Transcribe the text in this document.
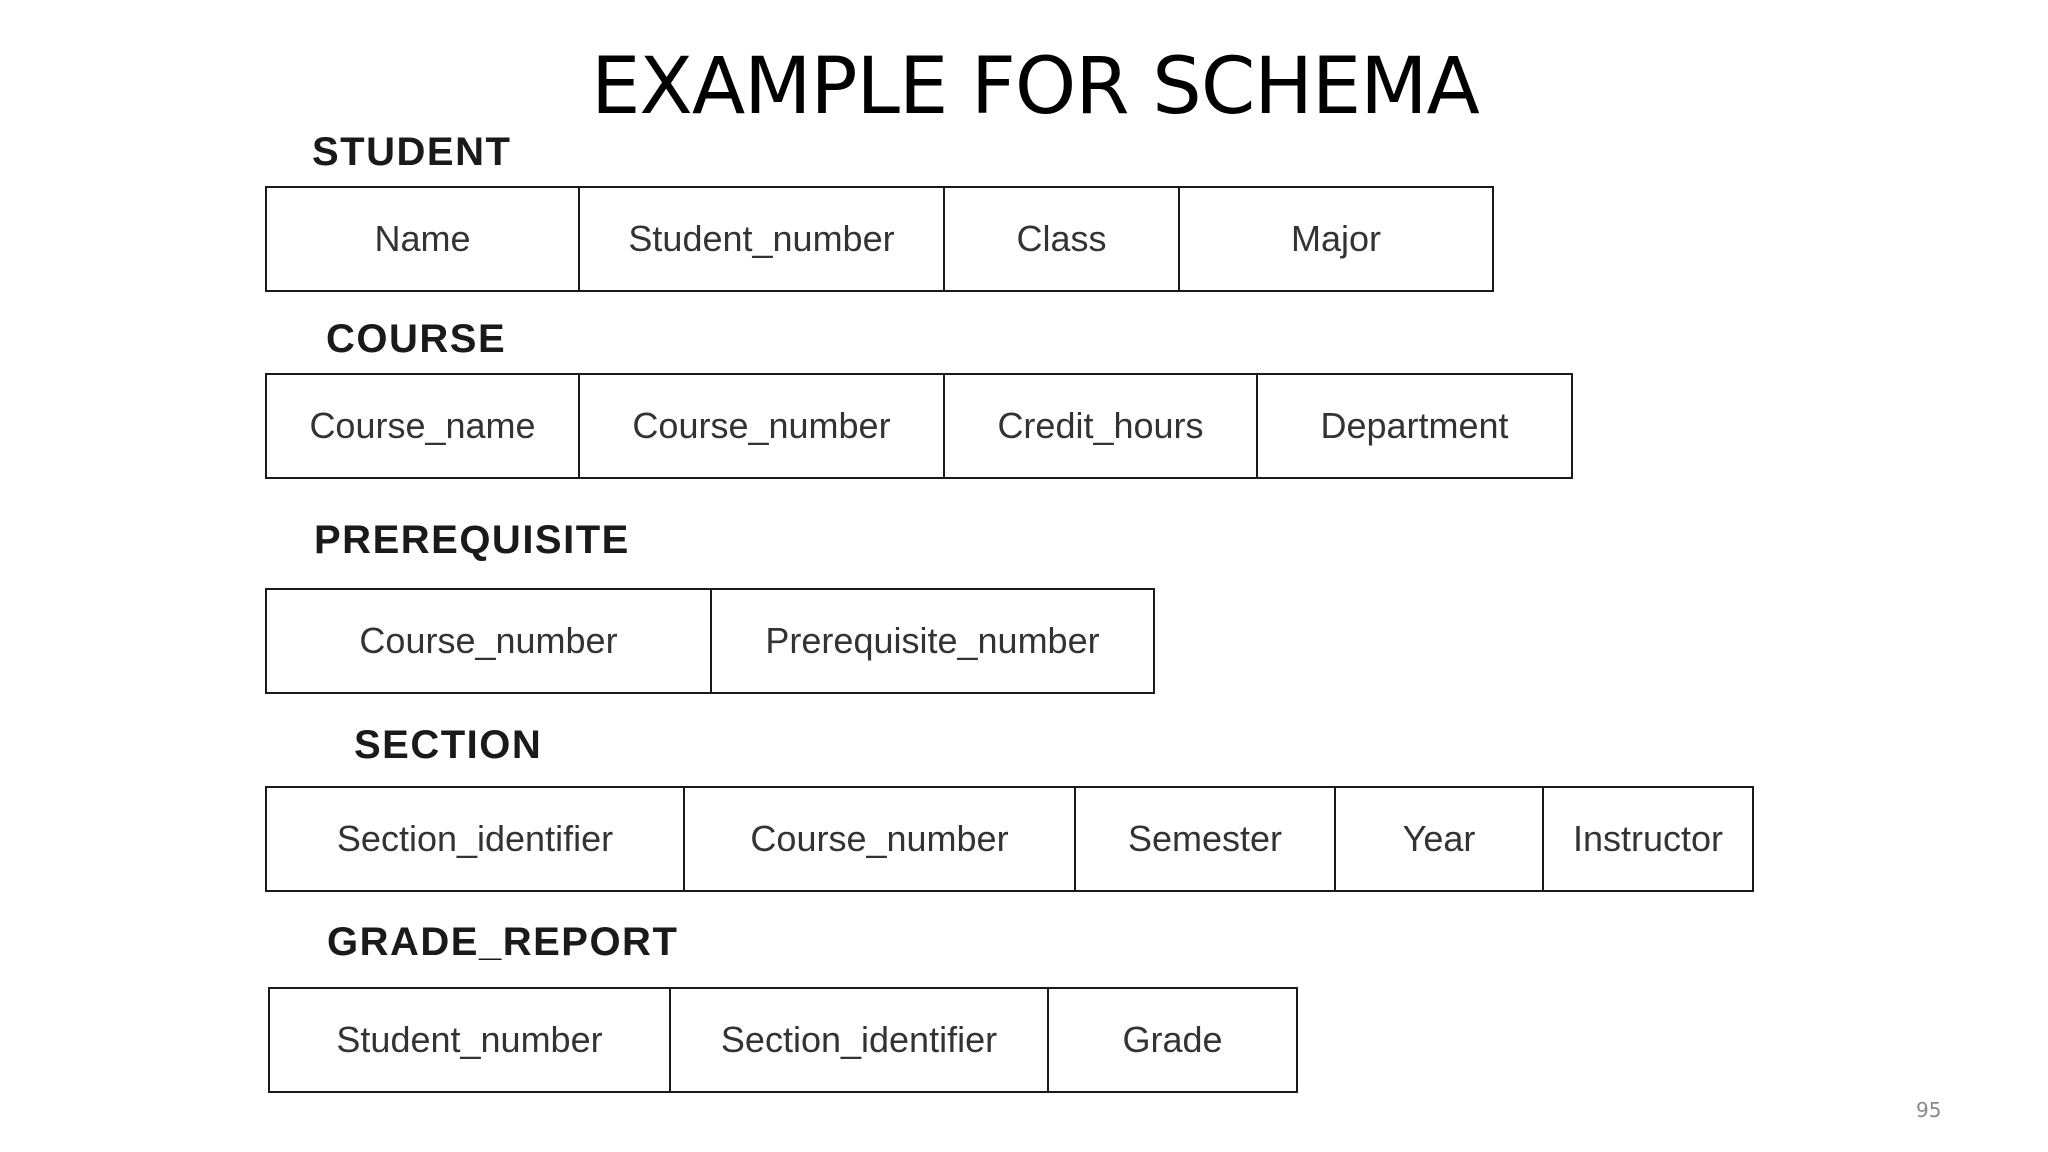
EXAMPLE FOR SCHEMA
STUDENT
Name	Student_number	Class	Major
COURSE
Course_name	Course_number	Credit_hours	Department
PREREQUISITE
Course_number	Prerequisite_number
SECTION
Section_identifier	Course_number	Semester	Year	Instructor
GRADE_REPORT
Student_number	Section_identifier	Grade
95
